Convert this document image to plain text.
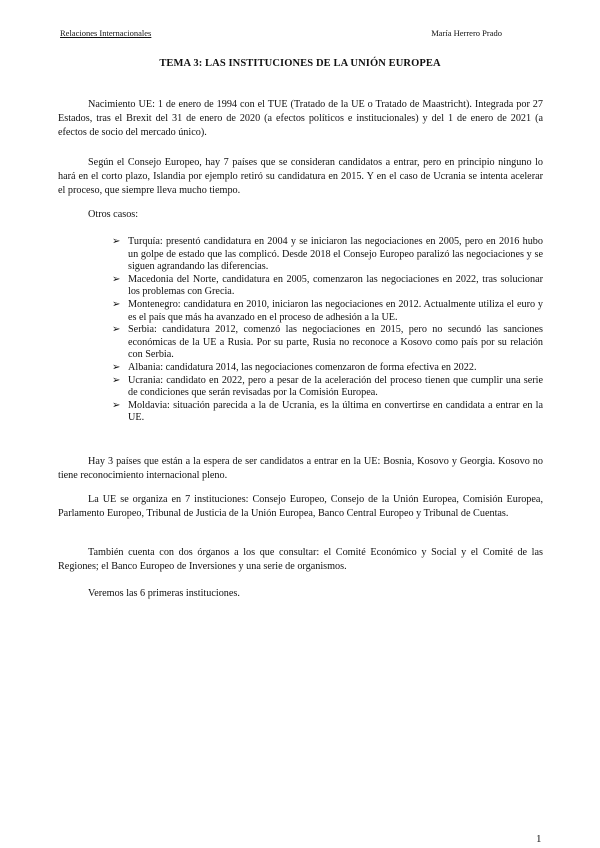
Relaciones Internacionales	María Herrero Prado
TEMA 3: LAS INSTITUCIONES DE LA UNIÓN EUROPEA

Nacimiento UE: 1 de enero de 1994 con el TUE (Tratado de la UE o Tratado de Maastricht). Integrada por 27 Estados, tras el Brexit del 31 de enero de 2020 (a efectos políticos e institucionales) y del 1 de enero de 2021 (a efectos de socio del mercado único).

Según el Consejo Europeo, hay 7 países que se consideran candidatos a entrar, pero en principio ninguno lo hará en el corto plazo, Islandia por ejemplo retiró su candidatura en 2015. Y en el caso de Ucrania se intenta acelerar el proceso, que siempre lleva mucho tiempo.

Otros casos:

➢ Turquía: presentó candidatura en 2004 y se iniciaron las negociaciones en 2005, pero en 2016 hubo un golpe de estado que las complicó. Desde 2018 el Consejo Europeo paralizó las negociaciones y se siguen agrandando las diferencias.
➢ Macedonia del Norte, candidatura en 2005, comenzaron las negociaciones en 2022, tras solucionar los problemas con Grecia.
➢ Montenegro: candidatura en 2010, iniciaron las negociaciones en 2012. Actualmente utiliza el euro y es el país que más ha avanzado en el proceso de adhesión a la UE.
➢ Serbia: candidatura 2012, comenzó las negociaciones en 2015, pero no secundó las sanciones económicas de la UE a Rusia. Por su parte, Rusia no reconoce a Kosovo como país por su relación con Serbia.
➢ Albania: candidatura 2014, las negociaciones comenzaron de forma efectiva en 2022.
➢ Ucrania: candidato en 2022, pero a pesar de la aceleración del proceso tienen que cumplir una serie de condiciones que serán revisadas por la Comisión Europea.
➢ Moldavia: situación parecida a la de Ucrania, es la última en convertirse en candidata a entrar en la UE.

Hay 3 países que están a la espera de ser candidatos a entrar en la UE: Bosnia, Kosovo y Georgia. Kosovo no tiene reconocimiento internacional pleno.

La UE se organiza en 7 instituciones: Consejo Europeo, Consejo de la Unión Europea, Comisión Europea, Parlamento Europeo, Tribunal de Justicia de la Unión Europea, Banco Central Europeo y Tribunal de Cuentas.

También cuenta con dos órganos a los que consultar: el Comité Económico y Social y el Comité de las Regiones; el Banco Europeo de Inversiones y una serie de organismos.

Veremos las 6 primeras instituciones.

1
